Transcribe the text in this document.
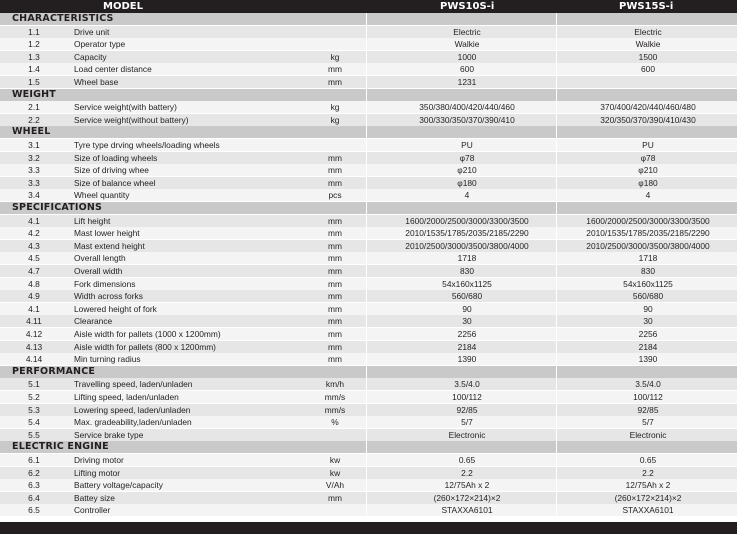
MODEL	PWS10S-i	PWS15S-i
CHARACTERISTICS
1.1	Drive unit	Electric	Electric
1.2	Operator type	Walkie	Walkie
1.3	Capacity	kg	1000	1500
1.4	Load center distance	mm	600	600
1.5	Wheel base	mm	1231
WEIGHT
2.1	Service weight(with battery)	kg	350/380/400/420/440/460	370/400/420/440/460/480
2.2	Service weight(without battery)	kg	300/330/350/370/390/410	320/350/370/390/410/430
WHEEL
3.1	Tyre type drving wheels/loading wheels	PU	PU
3.2	Size of loading wheels	mm	φ78	φ78
3.3	Size of driving whee	mm	φ210	φ210
3.3	Size of balance wheel	mm	φ180	φ180
3.4	Wheel quantity	pcs	4	4
SPECIFICATIONS
4.1	Lift height	mm	1600/2000/2500/3000/3300/3500	1600/2000/2500/3000/3300/3500
4.2	Mast lower height	mm	2010/1535/1785/2035/2185/2290	2010/1535/1785/2035/2185/2290
4.3	Mast extend height	mm	2010/2500/3000/3500/3800/4000	2010/2500/3000/3500/3800/4000
4.5	Overall length	mm	1718	1718
4.7	Overall width	mm	830	830
4.8	Fork dimensions	mm	54x160x1125	54x160x1125
4.9	Width across forks	mm	560/680	560/680
4.1	Lowered height of fork	mm	90	90
4.11	Clearance	mm	30	30
4.12	Aisle width for pallets (1000 x 1200mm)	mm	2256	2256
4.13	Aisle width for pallets (800 x 1200mm)	mm	2184	2184
4.14	Min turning radius	mm	1390	1390
PERFORMANCE
5.1	Travelling speed, laden/unladen	km/h	3.5/4.0	3.5/4.0
5.2	Lifting speed, laden/unladen	mm/s	100/112	100/112
5.3	Lowering speed, laden/unladen	mm/s	92/85	92/85
5.4	Max. gradeability,laden/unladen	%	5/7	5/7
5.5	Service brake type	Electronic	Electronic
ELECTRIC ENGINE
6.1	Driving motor	kw	0.65	0.65
6.2	Lifting motor	kw	2.2	2.2
6.3	Battery voltage/capacity	V/Ah	12/75Ah x 2	12/75Ah x 2
6.4	Battey size	mm	(260×172×214)×2	(260×172×214)×2
6.5	Controller	STAXXA6101	STAXXA6101
